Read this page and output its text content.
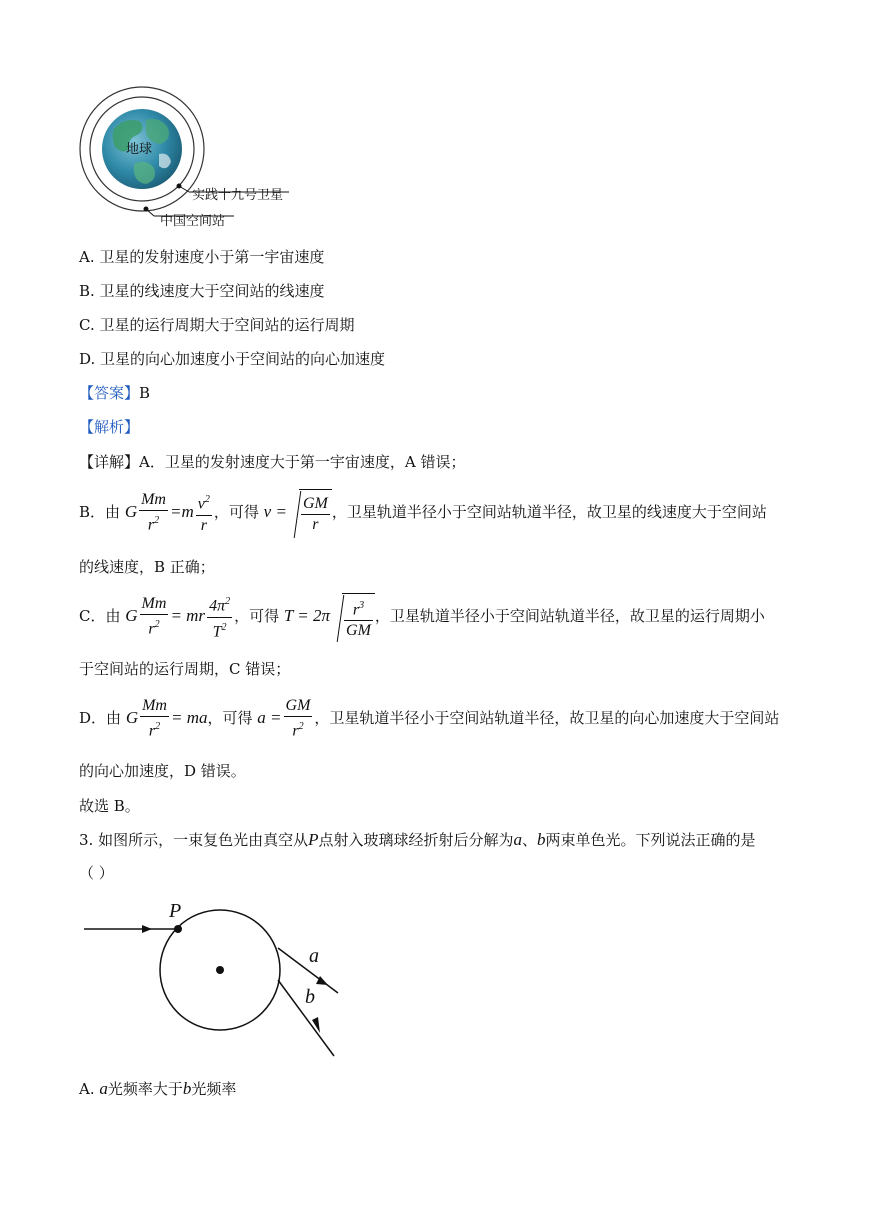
地球
实践十九号卫星
中国空间站
A. 卫星的发射速度小于第一宇宙速度
B. 卫星的线速度大于空间站的线速度
C. 卫星的运行周期大于空间站的运行周期
D. 卫星的向心加速度小于空间站的向心加速度
【答案】B
【解析】
【详解】A．卫星的发射速度大于第一宇宙速度，A 错误；
B．由 G $\frac{Mm}{r^2} =m \frac{v^2}{r}$ ，可得 $v = \frac{GM}{r}$ ，卫星轨道半径小于空间站轨道半径，故卫星的线速度大于空间站
的线速度，B 正确；
C．由 G $\frac{Mm}{r^2}$ = mr $\frac{4\pi^2}{T^2}$ ，可得 $T = 2\pi \frac{r^3}{GM}$ ，卫星轨道半径小于空间站轨道半径，故卫星的运行周期小
于空间站的运行周期，C 错误；
D．由 G $\frac{Mm}{r^2}$ = ma，可得 $a = \frac{GM}{r^2}$ ，卫星轨道半径小于空间站轨道半径，故卫星的向心加速度大于空间站
的向心加速度，D 错误。
故选 B。
3. 如图所示，一束复色光由真空从P点射入玻璃球经折射后分解为a、b两束单色光。下列说法正确的是
（ ）
P
a
b
A. a光频率大于b光频率
